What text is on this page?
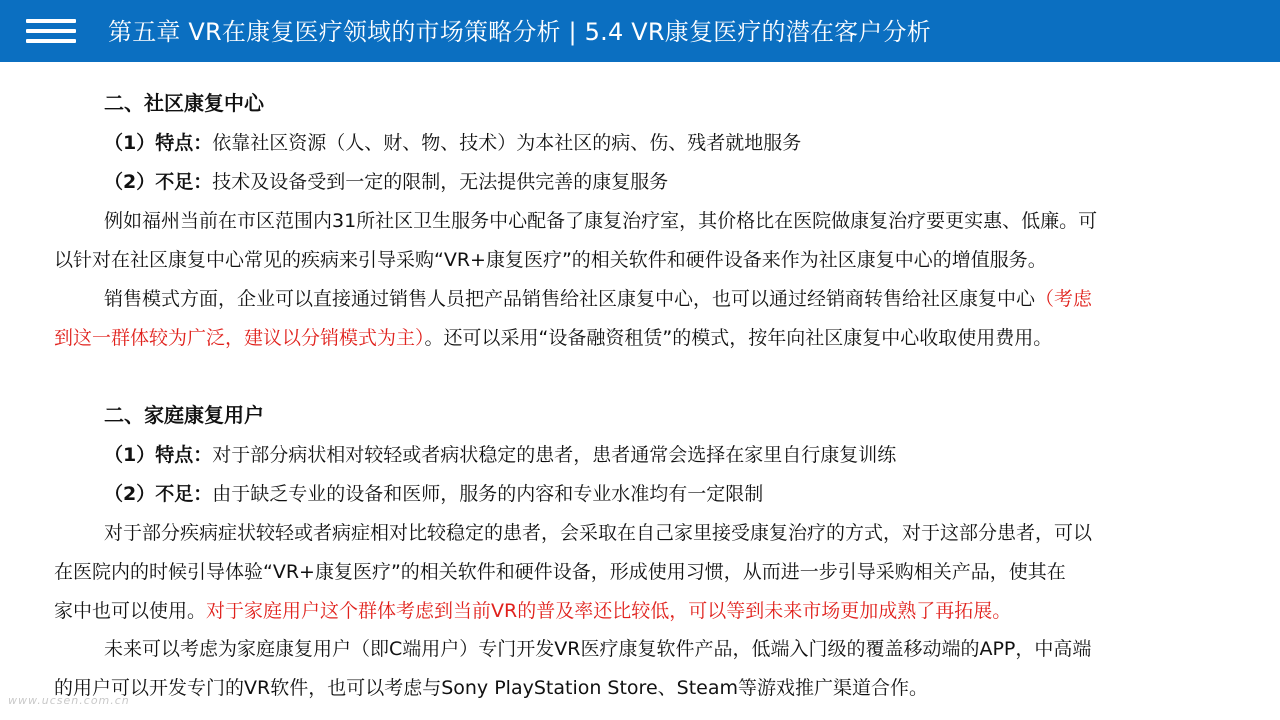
第五章 VR在康复医疗领域的市场策略分析 | 5.4 VR康复医疗的潜在客户分析
二、社区康复中心
（1）特点：依靠社区资源（人、财、物、技术）为本社区的病、伤、残者就地服务
（2）不足：技术及设备受到一定的限制，无法提供完善的康复服务
例如福州当前在市区范围内31所社区卫生服务中心配备了康复治疗室，其价格比在医院做康复治疗要更实惠、低廉。可
以针对在社区康复中心常见的疾病来引导采购“VR+康复医疗”的相关软件和硬件设备来作为社区康复中心的增值服务。
销售模式方面，企业可以直接通过销售人员把产品销售给社区康复中心，也可以通过经销商转售给社区康复中心（考虑
到这一群体较为广泛，建议以分销模式为主）。还可以采用“设备融资租赁”的模式，按年向社区康复中心收取使用费用。
二、家庭康复用户
（1）特点：对于部分病状相对较轻或者病状稳定的患者，患者通常会选择在家里自行康复训练
（2）不足：由于缺乏专业的设备和医师，服务的内容和专业水准均有一定限制
对于部分疾病症状较轻或者病症相对比较稳定的患者，会采取在自己家里接受康复治疗的方式，对于这部分患者，可以
在医院内的时候引导体验“VR+康复医疗”的相关软件和硬件设备，形成使用习惯，从而进一步引导采购相关产品，使其在
家中也可以使用。对于家庭用户这个群体考虑到当前VR的普及率还比较低，可以等到未来市场更加成熟了再拓展。
未来可以考虑为家庭康复用户（即C端用户）专门开发VR医疗康复软件产品，低端入门级的覆盖移动端的APP，中高端
的用户可以开发专门的VR软件，也可以考虑与Sony PlayStation Store、Steam等游戏推广渠道合作。
www.ucsen.com.cn
